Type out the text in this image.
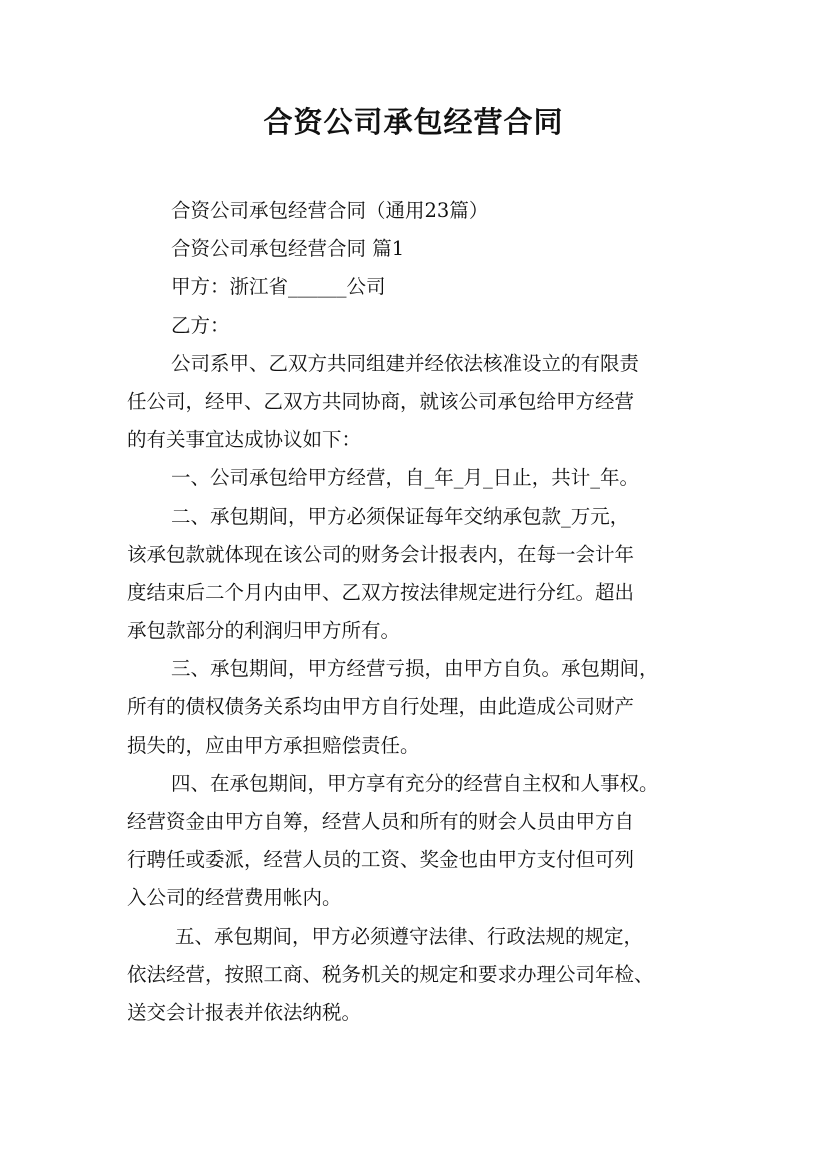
合资公司承包经营合同
合资公司承包经营合同（通用23篇）
合资公司承包经营合同 篇1
甲方：浙江省______公司
乙方：
公司系甲、乙双方共同组建并经依法核准设立的有限责
任公司，经甲、乙双方共同协商，就该公司承包给甲方经营
的有关事宜达成协议如下：
一、公司承包给甲方经营，自_年_月_日止，共计_年。
二、承包期间，甲方必须保证每年交纳承包款_万元，
该承包款就体现在该公司的财务会计报表内，在每一会计年
度结束后二个月内由甲、乙双方按法律规定进行分红。超出
承包款部分的利润归甲方所有。
三、承包期间，甲方经营亏损，由甲方自负。承包期间，
所有的债权债务关系均由甲方自行处理，由此造成公司财产
损失的，应由甲方承担赔偿责任。
四、在承包期间，甲方享有充分的经营自主权和人事权。
经营资金由甲方自筹，经营人员和所有的财会人员由甲方自
行聘任或委派，经营人员的工资、奖金也由甲方支付但可列
入公司的经营费用帐内。
五、承包期间，甲方必须遵守法律、行政法规的规定，
依法经营，按照工商、税务机关的规定和要求办理公司年检、
送交会计报表并依法纳税。
